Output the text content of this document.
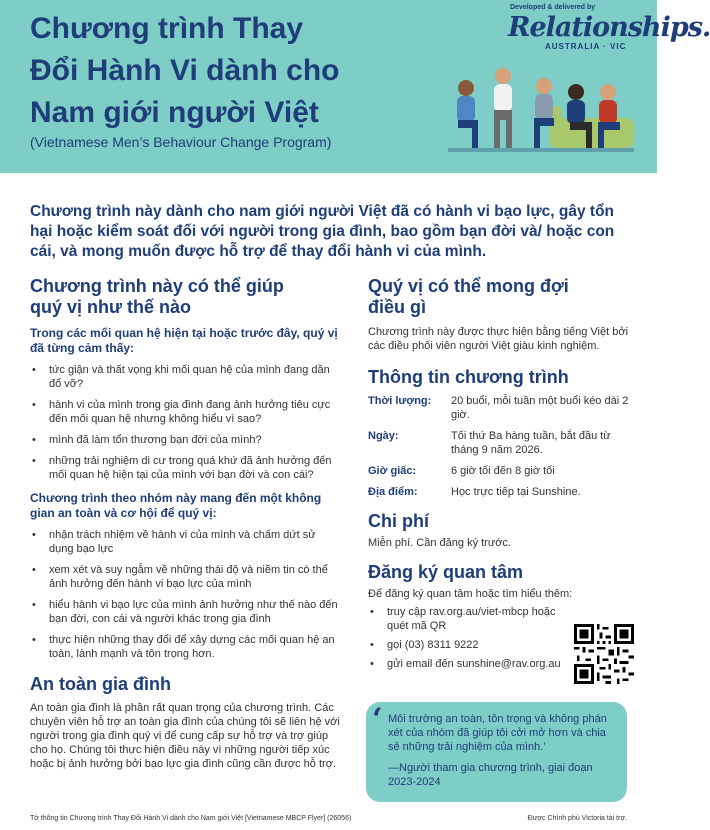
Chương trình Thay
Đổi Hành Vi dành cho
Nam giới người Việt
(Vietnamese Men’s Behaviour Change Program)
Developed & delivered by
Relationships.
AUSTRALIA · VIC
Chương trình này dành cho nam giới người Việt đã có hành vi bạo lực, gây tổn hại hoặc kiểm soát đối với người trong gia đình, bao gồm bạn đời và/ hoặc con cái, và mong muốn được hỗ trợ để thay đổi hành vi của mình.
Chương trình này có thể giúp
quý vị như thế nào
Trong các mối quan hệ hiện tại hoặc trước đây, quý vị đã từng cảm thấy:
• tức giận và thất vọng khi mối quan hệ của mình đang dần đổ vỡ?
• hành vi của mình trong gia đình đang ảnh hưởng tiêu cực đến mối quan hệ nhưng không hiểu vì sao?
• mình đã làm tổn thương bạn đời của mình?
• những trải nghiệm di cư trong quá khứ đã ảnh hưởng đến mối quan hệ hiện tại của mình với bạn đời và con cái?
Chương trình theo nhóm này mang đến một không gian an toàn và cơ hội để quý vị:
• nhận trách nhiệm về hành vi của mình và chấm dứt sử dụng bạo lực
• xem xét và suy ngẫm về những thái độ và niềm tin có thể ảnh hưởng đến hành vi bạo lực của mình
• hiểu hành vi bạo lực của mình ảnh hưởng như thế nào đến bạn đời, con cái và người khác trong gia đình
• thực hiện những thay đổi để xây dựng các mối quan hệ an toàn, lành mạnh và tôn trọng hơn.
An toàn gia đình
An toàn gia đình là phần rất quan trọng của chương trình. Các chuyên viên hỗ trợ an toàn gia đình của chúng tôi sẽ liên hệ với người trong gia đình quý vị để cung cấp sự hỗ trợ và trợ giúp cho họ. Chúng tôi thực hiện điều này vì những người tiếp xúc hoặc bị ảnh hưởng bởi bạo lực gia đình cũng cần được hỗ trợ.
Quý vị có thể mong đợi
điều gì
Chương trình này được thực hiện bằng tiếng Việt bởi các điều phối viên người Việt giàu kinh nghiệm.
Thông tin chương trình
Thời lượng:	20 buổi, mỗi tuần một buổi kéo dài 2 giờ.
Ngày:	Tối thứ Ba hàng tuần, bắt đầu từ tháng 9 năm 2026.
Giờ giấc:	6 giờ tối đến 8 giờ tối
Địa điểm:	Học trực tiếp tại Sunshine.
Chi phí
Miễn phí. Cần đăng ký trước.
Đăng ký quan tâm
Để đăng ký quan tâm hoặc tìm hiểu thêm:
• truy cập rav.org.au/viet-mbcp hoặc quét mã QR
• gọi (03) 8311 9222
• gửi email đến sunshine@rav.org.au
‘ Môi trường an toàn, tôn trọng và không phán xét của nhóm đã giúp tôi cởi mở hơn và chia sẻ những trải nghiệm của mình.’
—Người tham gia chương trình, giai đoạn 2023-2024
Tờ thông tin Chương trình Thay Đổi Hành Vi dành cho Nam giới Việt [Vietnamese MBCP Flyer] (26056)	Được Chính phủ Victoria tài trợ.
